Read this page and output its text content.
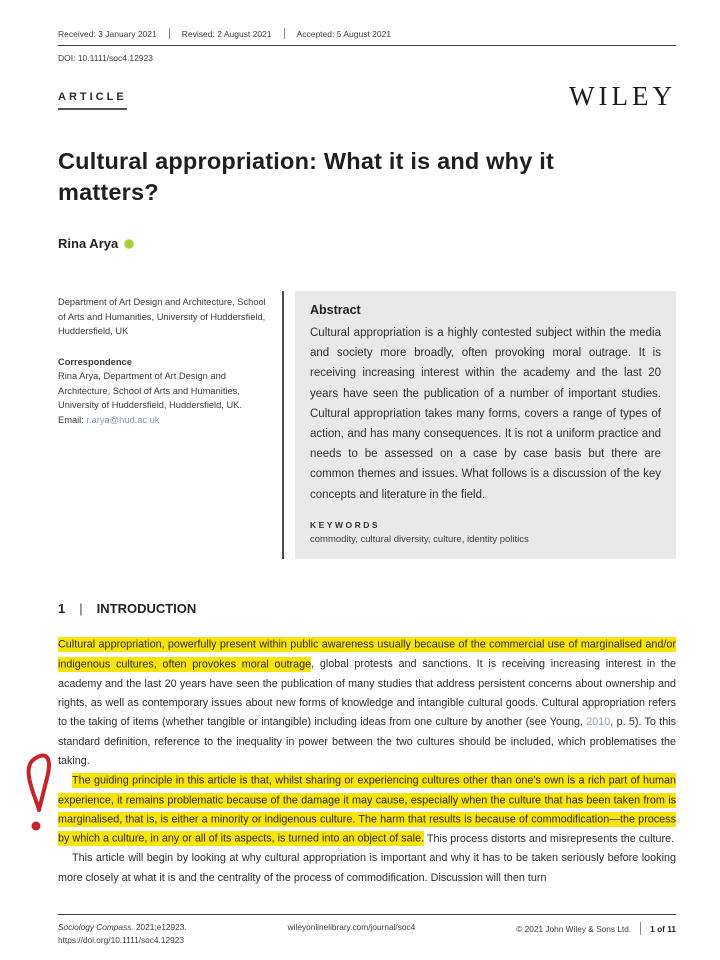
Received: 3 January 2021	Revised: 2 August 2021	Accepted: 5 August 2021
DOI: 10.1111/soc4.12923
ARTICLE	WILEY
Cultural appropriation: What it is and why it matters?
Rina Arya
Department of Art Design and Architecture, School of Arts and Humanities, University of Huddersfield, Huddersfield, UK
Correspondence
Rina Arya, Department of Art Design and Architecture, School of Arts and Humanities, University of Huddersfield, Huddersfield, UK.
Email: r.arya@hud.ac.uk
Abstract
Cultural appropriation is a highly contested subject within the media and society more broadly, often provoking moral outrage. It is receiving increasing interest within the academy and the last 20 years have seen the publication of a number of important studies. Cultural appropriation takes many forms, covers a range of types of action, and has many consequences. It is not a uniform practice and needs to be assessed on a case by case basis but there are common themes and issues. What follows is a discussion of the key concepts and literature in the field.
KEYWORDS
commodity, cultural diversity, culture, identity politics
1 | INTRODUCTION

Cultural appropriation, powerfully present within public awareness usually because of the commercial use of marginalised and/or indigenous cultures, often provokes moral outrage, global protests and sanctions. It is receiving increasing interest in the academy and the last 20 years have seen the publication of many studies that address persistent concerns about ownership and rights, as well as contemporary issues about new forms of knowledge and intangible cultural goods. Cultural appropriation refers to the taking of items (whether tangible or intangible) including ideas from one culture by another (see Young, 2010, p. 5). To this standard definition, reference to the inequality in power between the two cultures should be included, which problematises the taking.

The guiding principle in this article is that, whilst sharing or experiencing cultures other than one's own is a rich part of human experience, it remains problematic because of the damage it may cause, especially when the culture that has been taken from is marginalised, that is, is either a minority or indigenous culture. The harm that results is because of commodification—the process by which a culture, in any or all of its aspects, is turned into an object of sale. This process distorts and misrepresents the culture.

This article will begin by looking at why cultural appropriation is important and why it has to be taken seriously before looking more closely at what it is and the centrality of the process of commodification. Discussion will then turn

Sociology Compass. 2021;e12923.
https://doi.org/10.1111/soc4.12923
wileyonlinelibrary.com/journal/soc4	© 2021 John Wiley & Sons Ltd. 1 of 11
